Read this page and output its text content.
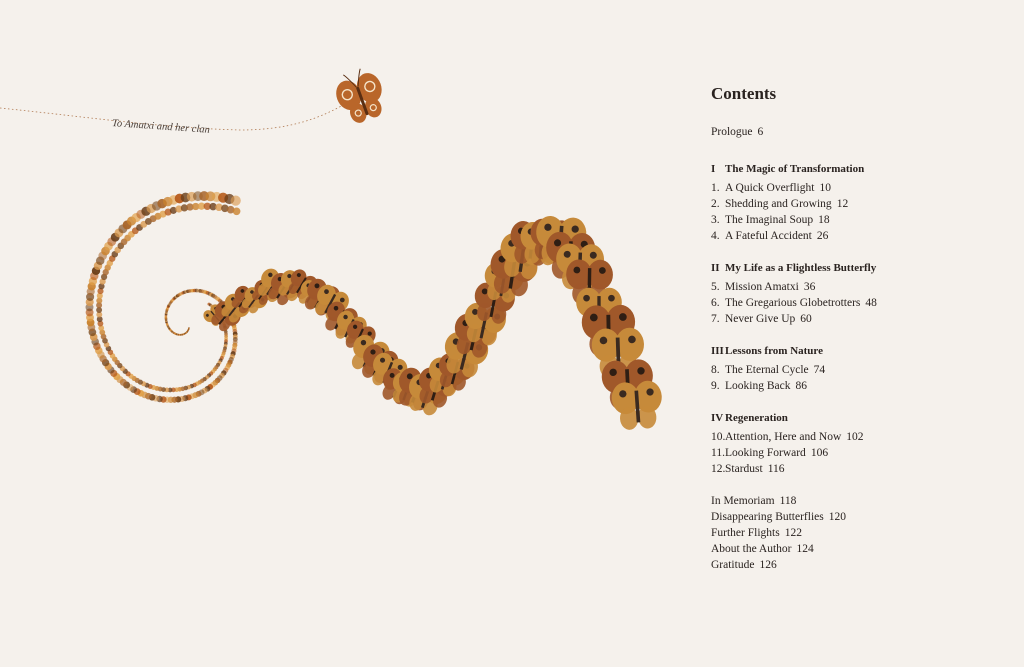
To Amatxi and her clan
Contents
Prologue 6
I The Magic of Transformation
1. A Quick Overflight 10
2. Shedding and Growing 12
3. The Imaginal Soup 18
4. A Fateful Accident 26
II My Life as a Flightless Butterfly
5. Mission Amatxi 36
6. The Gregarious Globetrotters 48
7. Never Give Up 60
IIILessons from Nature
8. The Eternal Cycle 74
9. Looking Back 86
IV Regeneration
10.Attention, Here and Now 102
11.Looking Forward 106
12.Stardust 116
In Memoriam 118
Disappearing Butterflies 120
Further Flights 122
About the Author 124
Gratitude 126
